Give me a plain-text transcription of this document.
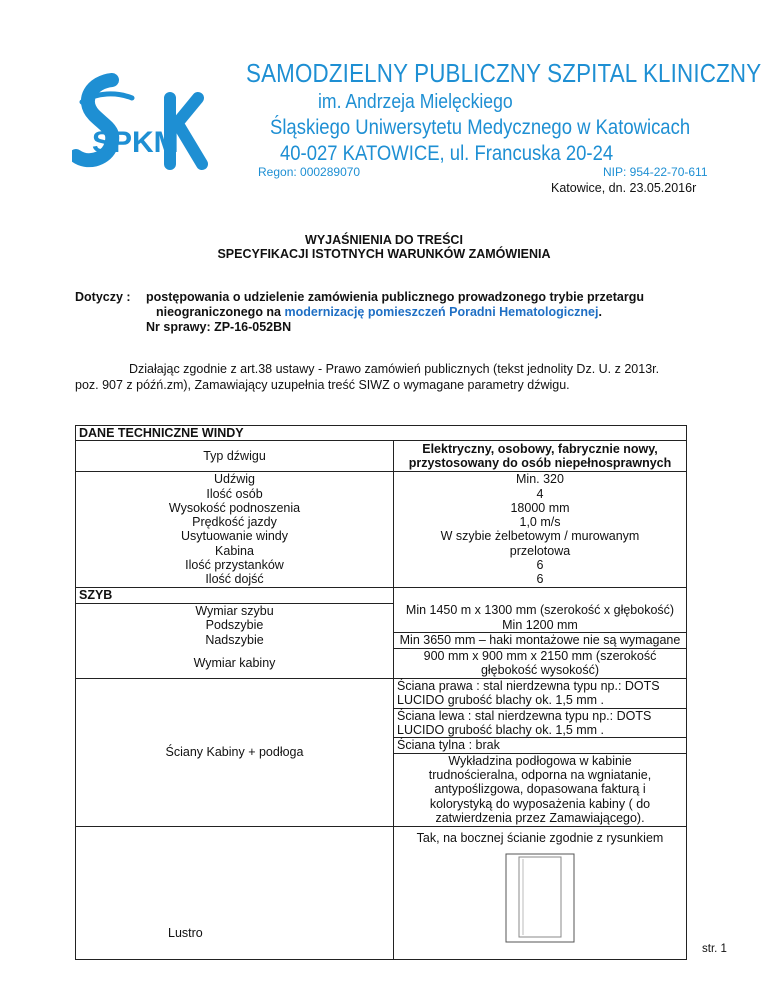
SPKM
SAMODZIELNY PUBLICZNY SZPITAL KLINICZNY
im. Andrzeja Mielęckiego
Śląskiego Uniwersytetu Medycznego w Katowicach
40-027 KATOWICE, ul. Francuska 20-24
Regon: 000289070	NIP: 954-22-70-611
Katowice, dn. 23.05.2016r
WYJAŚNIENIA DO TREŚCI
SPECYFIKACJI ISTOTNYCH WARUNKÓW ZAMÓWIENIA
Dotyczy : postępowania o udzielenie zamówienia publicznego prowadzonego trybie przetargu
nieograniczonego na modernizację pomieszczeń Poradni Hematologicznej.
Nr sprawy: ZP-16-052BN
Działając zgodnie z art.38 ustawy - Prawo zamówień publicznych (tekst jednolity Dz. U. z 2013r.
poz. 907 z późń.zm), Zamawiający uzupełnia treść SIWZ o wymagane parametry dźwigu.
DANE TECHNICZNE WINDY	
Typ dźwigu	Elektryczny, osobowy, fabrycznie nowy, przystosowany do osób niepełnosprawnych
Udźwig	Min. 320
Ilość osób	4
Wysokość podnoszenia	18000 mm
Prędkość jazdy	1,0 m/s
Usytuowanie windy	W szybie żelbetowym / murowanym
Kabina	przelotowa
Ilość przystanków	6
Ilość dojść	6
SZYB	
Wymiar szybu	Min 1450 m x 1300 mm (szerokość x głębokość)
Podszybie	Min 1200 mm
Nadszybie	Min 3650 mm – haki montażowe nie są wymagane
Wymiar kabiny	900 mm x 900 mm x 2150 mm (szerokość głębokość wysokość)
Ściany Kabiny + podłoga	Ściana prawa : stal nierdzewna typu np.: DOTS LUCIDO grubość blachy ok. 1,5 mm .
	Ściana lewa : stal nierdzewna typu np.: DOTS LUCIDO grubość blachy ok. 1,5 mm .
	Ściana tylna : brak
	Wykładzina podłogowa w kabinie trudnościeralna, odporna na wgniatanie, antypoślizgowa, dopasowana fakturą i kolorystyką do wyposażenia kabiny ( do zatwierdzenia przez Zamawiającego).
Lustro	Tak, na bocznej ścianie zgodnie z rysunkiem
str. 1
